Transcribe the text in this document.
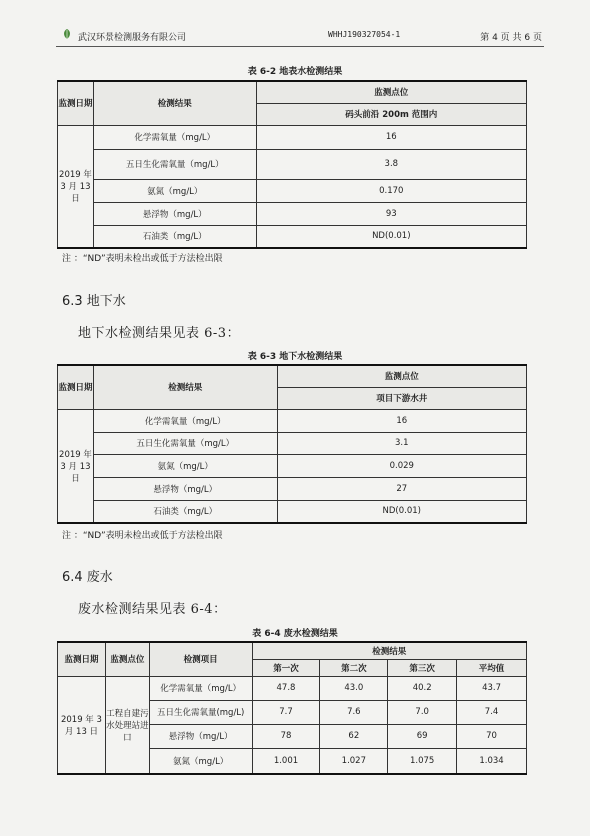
武汉环景检测服务有限公司	WHHJ190327054-1	第 4 页 共 6 页
表 6-2 地表水检测结果
监测日期	检测结果	监测点位
		码头前沿 200m 范围内
2019 年 3 月 13 日	化学需氧量（mg/L）	16
	五日生化需氧量（mg/L）	3.8
	氨氮（mg/L）	0.170
	悬浮物（mg/L）	93
	石油类（mg/L）	ND(0.01)
注 ：“ND”表明未检出或低于方法检出限
6.3 地下水
地下水检测结果见表 6-3：
表 6-3 地下水检测结果
监测日期	检测结果	监测点位
		项目下游水井
2019 年 3 月 13 日	化学需氧量（mg/L）	16
	五日生化需氧量（mg/L）	3.1
	氨氮（mg/L）	0.029
	悬浮物（mg/L）	27
	石油类（mg/L）	ND(0.01)
注 ：“ND”表明未检出或低于方法检出限
6.4 废水
废水检测结果见表 6-4：
表 6-4 废水检测结果
监测日期	监测点位	检测项目	检测结果			
			第一次	第二次	第三次	平均值
2019 年 3 月 13 日	工程自建污水处理站进口	化学需氧量（mg/L）	47.8	43.0	40.2	43.7
		五日生化需氧量(mg/L)	7.7	7.6	7.0	7.4
		悬浮物（mg/L）	78	62	69	70
		氨氮（mg/L）	1.001	1.027	1.075	1.034
